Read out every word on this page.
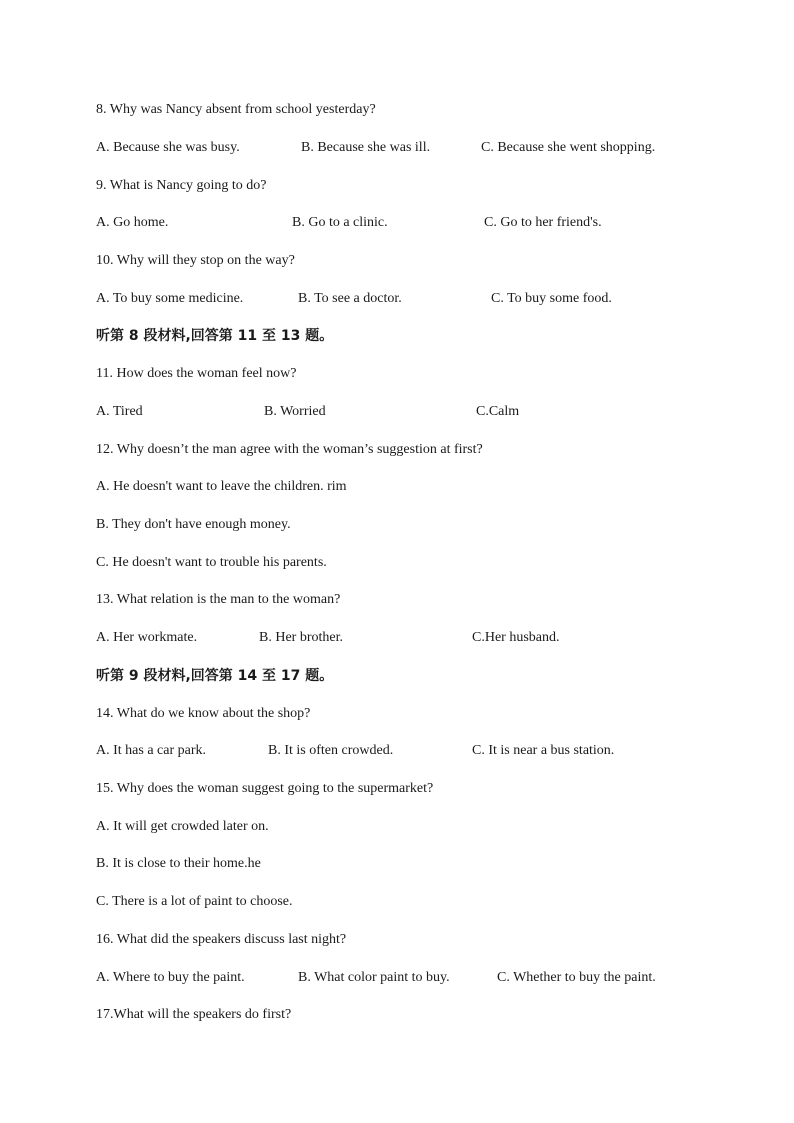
8. Why was Nancy absent from school yesterday?
A. Because she was busy.	B. Because she was ill.	C. Because she went shopping.
9. What is Nancy going to do?
A. Go home.	B. Go to a clinic.	C. Go to her friend's.
10. Why will they stop on the way?
A. To buy some medicine.	B. To see a doctor.	C. To buy some food.
听第 8 段材料,回答第 11 至 13 题。
11. How does the woman feel now?
A. Tired	B. Worried	C.Calm
12. Why doesn’t the man agree with the woman’s suggestion at first?
A. He doesn't want to leave the children. rim
B. They don't have enough money.
C. He doesn't want to trouble his parents.
13. What relation is the man to the woman?
A. Her workmate.	B. Her brother.	C.Her husband.
听第 9 段材料,回答第 14 至 17 题。
14. What do we know about the shop?
A. It has a car park.	B. It is often crowded.	C. It is near a bus station.
15. Why does the woman suggest going to the supermarket?
A. It will get crowded later on.
B. It is close to their home.he
C. There is a lot of paint to choose.
16. What did the speakers discuss last night?
A. Where to buy the paint.	B. What color paint to buy.	C. Whether to buy the paint.
17.What will the speakers do first?
